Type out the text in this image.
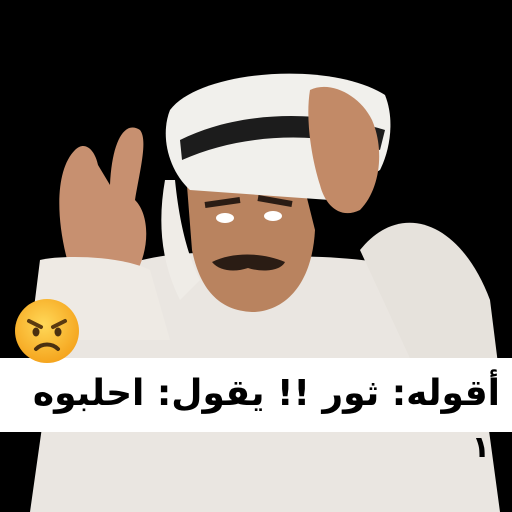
أقوله: ثور !! يقول: احلبوه
١
